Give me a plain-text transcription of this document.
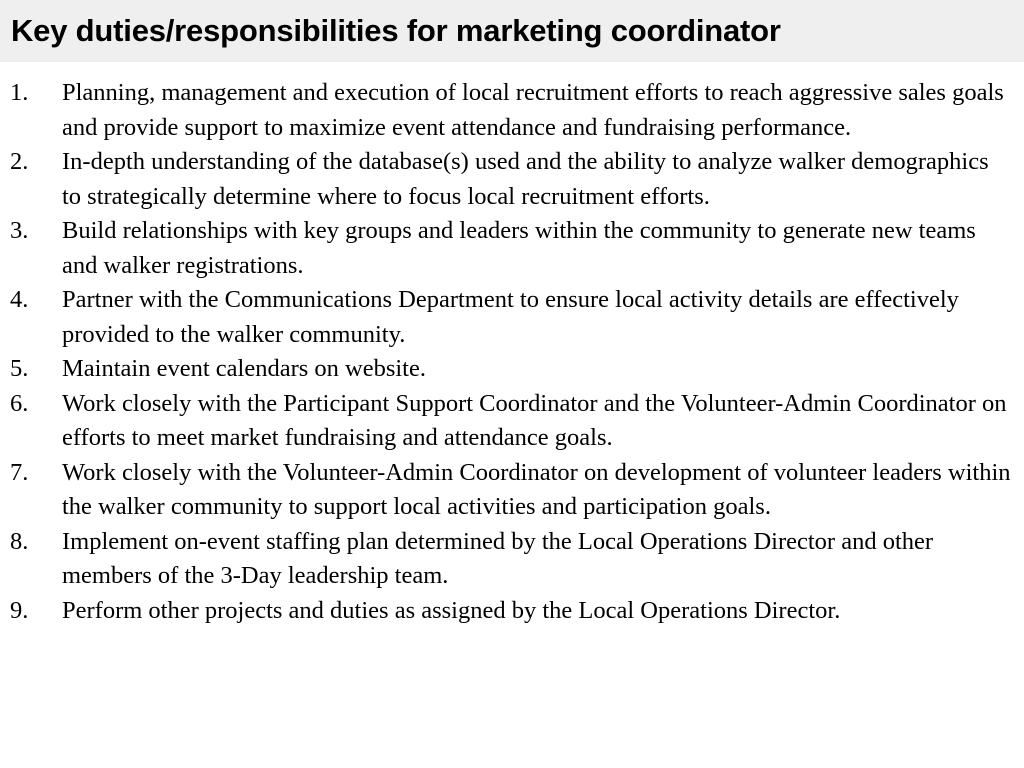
Key duties/responsibilities for marketing coordinator
1.	Planning, management and execution of local recruitment efforts to reach aggressive sales goals and provide support to maximize event attendance and fundraising performance.
2.	In-depth understanding of the database(s) used and the ability to analyze walker demographics to strategically determine where to focus local recruitment efforts.
3.	Build relationships with key groups and leaders within the community to generate new teams and walker registrations.
4.	Partner with the Communications Department to ensure local activity details are effectively provided to the walker community.
5.	Maintain event calendars on website.
6.	Work closely with the Participant Support Coordinator and the Volunteer-Admin Coordinator on efforts to meet market fundraising and attendance goals.
7.	Work closely with the Volunteer-Admin Coordinator on development of volunteer leaders within the walker community to support local activities and participation goals.
8.	Implement on-event staffing plan determined by the Local Operations Director and other members of the 3-Day leadership team.
9.	Perform other projects and duties as assigned by the Local Operations Director.
